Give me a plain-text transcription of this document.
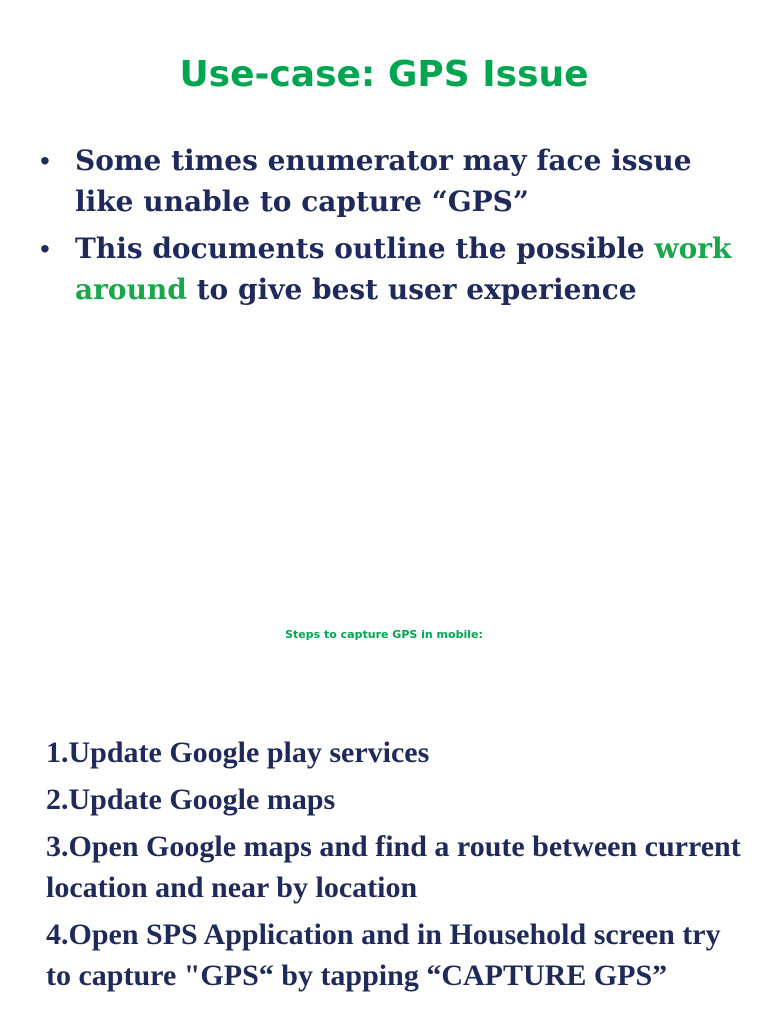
Use-case: GPS Issue
• Some times enumerator may face issue like unable to capture “GPS”
• This documents outline the possible work around to give best user experience
Steps to capture GPS in mobile:
1.Update Google play services
2.Update Google maps
3.Open Google maps and find a route between current location and near by location
4.Open SPS Application and in Household screen try to capture "GPS“ by tapping “CAPTURE GPS”
